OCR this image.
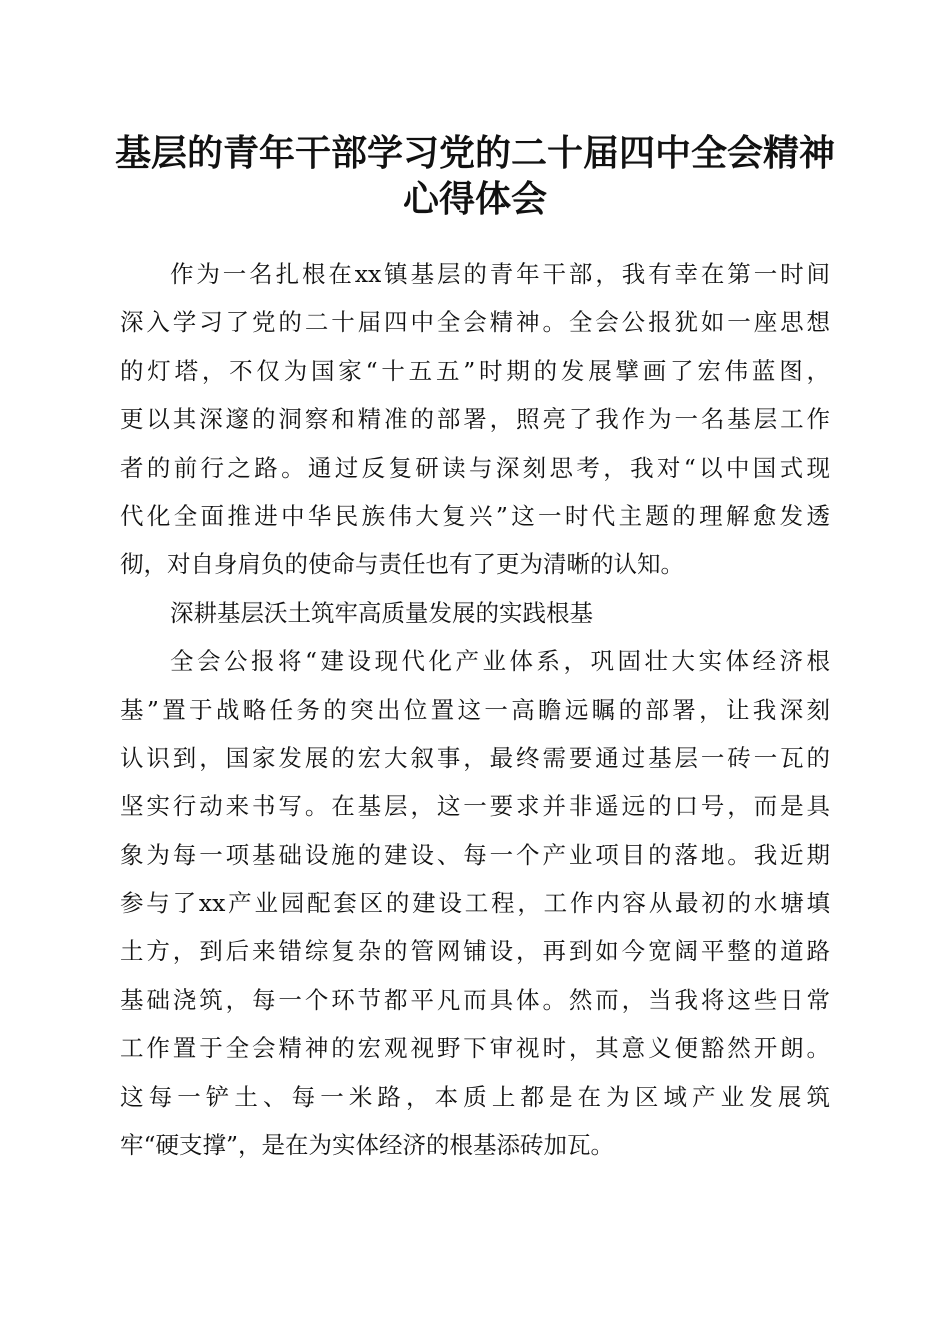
基层的青年干部学习党的二十届四中全会精神
心得体会
作为一名扎根在xx镇基层的青年干部，我有幸在第一时间
深入学习了党的二十届四中全会精神。全会公报犹如一座思想
的灯塔，不仅为国家“十五五”时期的发展擘画了宏伟蓝图，
更以其深邃的洞察和精准的部署，照亮了我作为一名基层工作
者的前行之路。通过反复研读与深刻思考，我对“以中国式现
代化全面推进中华民族伟大复兴”这一时代主题的理解愈发透
彻，对自身肩负的使命与责任也有了更为清晰的认知。
深耕基层沃土筑牢高质量发展的实践根基
全会公报将“建设现代化产业体系，巩固壮大实体经济根
基”置于战略任务的突出位置这一高瞻远瞩的部署，让我深刻
认识到，国家发展的宏大叙事，最终需要通过基层一砖一瓦的
坚实行动来书写。在基层，这一要求并非遥远的口号，而是具
象为每一项基础设施的建设、每一个产业项目的落地。我近期
参与了xx产业园配套区的建设工程，工作内容从最初的水塘填
土方，到后来错综复杂的管网铺设，再到如今宽阔平整的道路
基础浇筑，每一个环节都平凡而具体。然而，当我将这些日常
工作置于全会精神的宏观视野下审视时，其意义便豁然开朗。
这每一铲土、每一米路，本质上都是在为区域产业发展筑
牢“硬支撑”，是在为实体经济的根基添砖加瓦。
